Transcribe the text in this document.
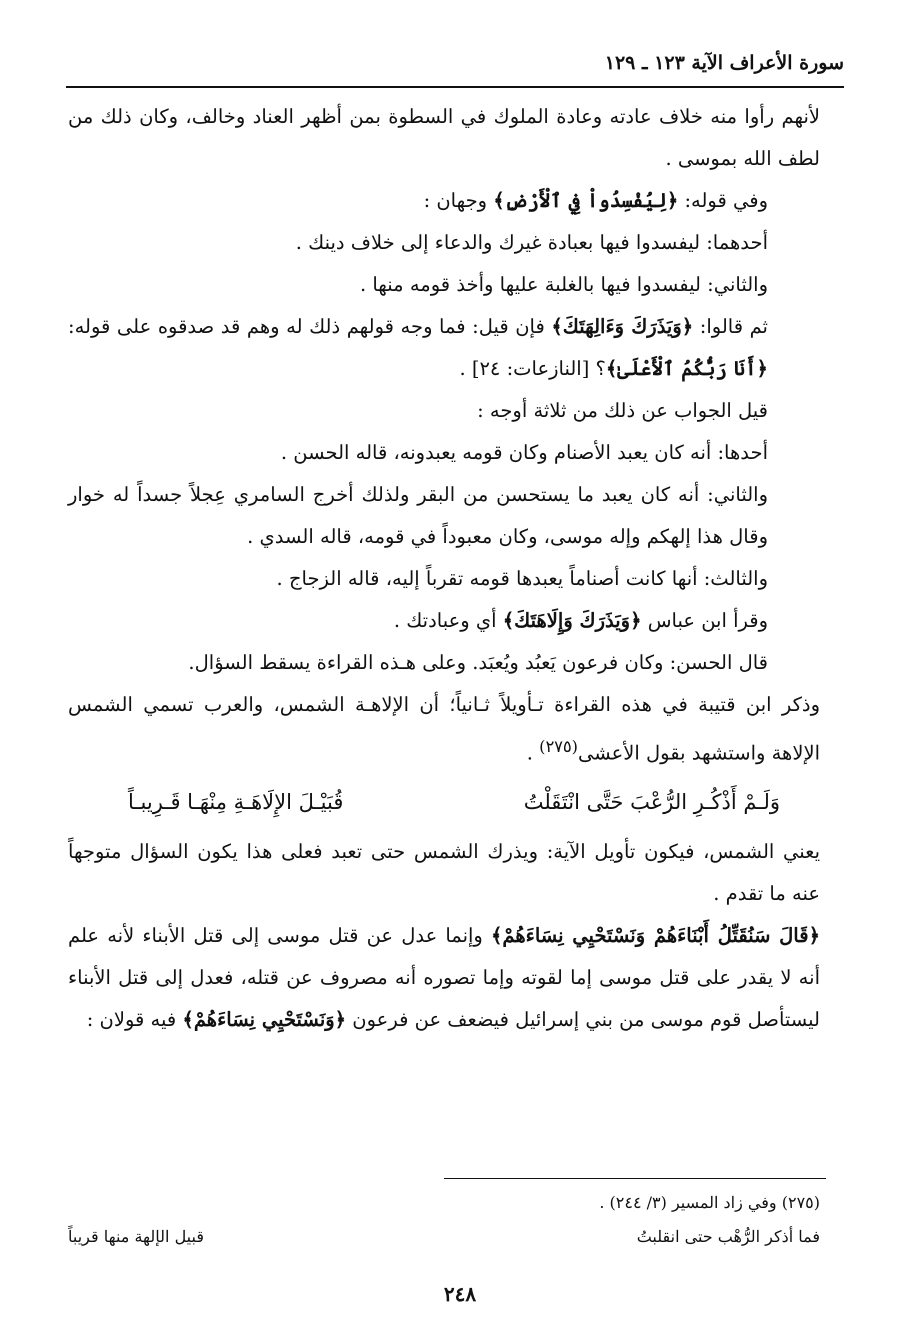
سورة الأعراف الآية ١٢٣ ـ ١٢٩

لأنهم رأوا منه خلاف عادته وعادة الملوك في السطوة بمن أظهر العناد وخالف، وكان ذلك من لطف الله بموسى .

وفي قوله: ﴿لِيُفْسِدُواْ فِي ٱلْأَرْضِ﴾ وجهان :

أحدهما: ليفسدوا فيها بعبادة غيرك والدعاء إلى خلاف دينك .

والثاني: ليفسدوا فيها بالغلبة عليها وأخذ قومه منها .

ثم قالوا: ﴿وَيَذَرَكَ وَءَالِهَتَكَ﴾ فإن قيل: فما وجه قولهم ذلك له وهم قد صدقوه على قوله: ﴿أَنَا رَبُّكُمُ ٱلْأَعْلَىٰ﴾؟ [النازعات: ٢٤] .

قيل الجواب عن ذلك من ثلاثة أوجه :

أحدها: أنه كان يعبد الأصنام وكان قومه يعبدونه، قاله الحسن .

والثاني: أنه كان يعبد ما يستحسن من البقر ولذلك أخرج السامري عِجلاً جسداً له خوار وقال هذا إلهكم وإله موسى، وكان معبوداً في قومه، قاله السدي .

والثالث: أنها كانت أصناماً يعبدها قومه تقرباً إليه، قاله الزجاج .

وقرأ ابن عباس ﴿وَيَذَرَكَ وَإِلَاهَتَكَ﴾ أي وعبادتك .

قال الحسن: وكان فرعون يَعبُد ويُعبَد. وعلى هـذه القراءة يسقط السؤال.

وذكر ابن قتيبة في هذه القراءة تـأويلاً ثـانياً؛ أن الإلاهـة الشمس، والعرب تسمي الشمس الإلاهة واستشهد بقول الأعشى$^{(٢٧٥)}$ .

وَلَـمْ أَذْكُـرِ الرُّعْبَ حَتَّى انْتَقَلْتُ
قُبَيْـلَ الإِلَاهَـةِ مِنْهَـا قَـرِيبـاً

يعني الشمس، فيكون تأويل الآية: ويذرك الشمس حتى تعبد فعلى هذا يكون السؤال متوجهاً عنه ما تقدم .

﴿قَالَ سَنُقَتِّلُ أَبْنَاءَهُمْ وَنَسْتَحْيِي نِسَاءَهُمْ﴾ وإنما عدل عن قتل موسى إلى قتل الأبناء لأنه علم أنه لا يقدر على قتل موسى إما لقوته وإما تصوره أنه مصروف عن قتله، فعدل إلى قتل الأبناء ليستأصل قوم موسى من بني إسرائيل فيضعف عن فرعون ﴿وَنَسْتَحْيِي نِسَاءَهُمْ﴾ فيه قولان :

(٢٧٥) وفي زاد المسير (٣/ ٢٤٤) .

فما أذكر الرُّهْب حتى انقلبتُ
قبيل الإلهة منها قريباً
٢٤٨
